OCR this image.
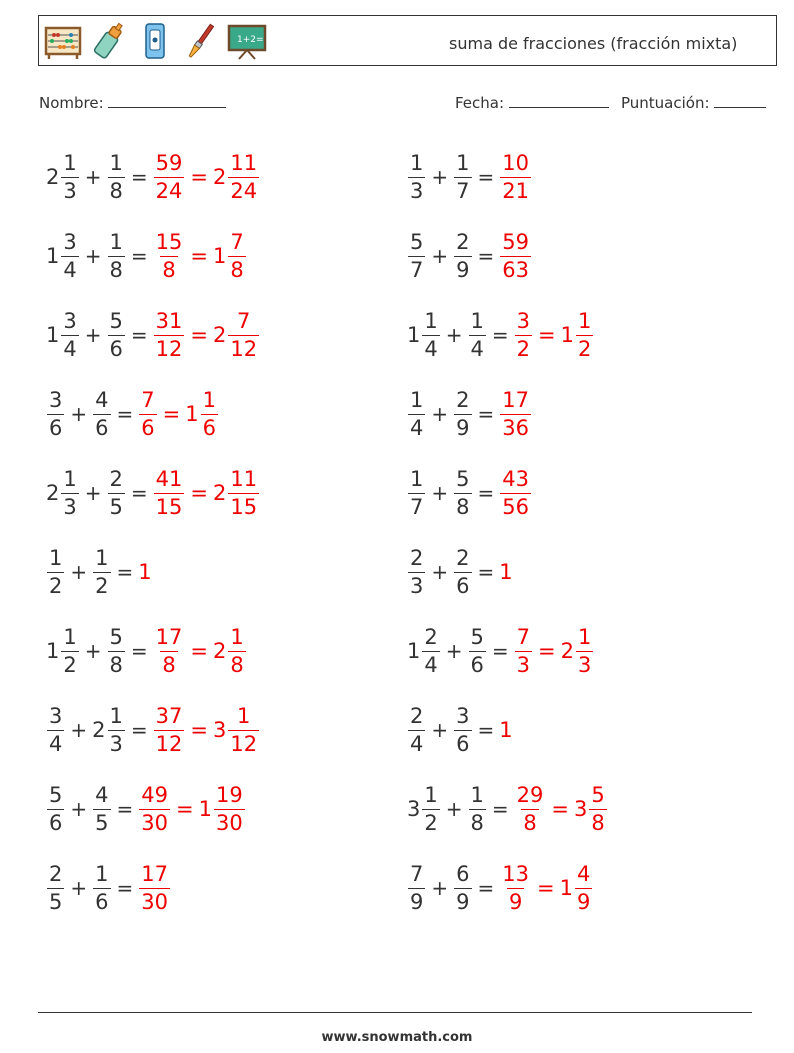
1+2=	suma de fracciones (fracción mixta)
Nombre:	Fecha:	Puntuación:
$2 \frac{1}{3} + \frac{1}{8} = \frac{59}{24} = 2 \frac{11}{24}$
$1 \frac{3}{4} + \frac{1}{8} = \frac{15}{8} = 1 \frac{7}{8}$
$1 \frac{3}{4} + \frac{5}{6} = \frac{31}{12} = 2 \frac{7}{12}$
$\frac{3}{6} + \frac{4}{6} = \frac{7}{6} = 1 \frac{1}{6}$
$2 \frac{1}{3} + \frac{2}{5} = \frac{41}{15} = 2 \frac{11}{15}$
$\frac{1}{2} + \frac{1}{2} = 1$
$1 \frac{1}{2} + \frac{5}{8} = \frac{17}{8} = 2 \frac{1}{8}$
$\frac{3}{4} + 2 \frac{1}{3} = \frac{37}{12} = 3 \frac{1}{12}$
$\frac{5}{6} + \frac{4}{5} = \frac{49}{30} = 1 \frac{19}{30}$
$\frac{2}{5} + \frac{1}{6} = \frac{17}{30}$
$\frac{1}{3} + \frac{1}{7} = \frac{10}{21}$
$\frac{5}{7} + \frac{2}{9} = \frac{59}{63}$
$1 \frac{1}{4} + \frac{1}{4} = \frac{3}{2} = 1 \frac{1}{2}$
$\frac{1}{4} + \frac{2}{9} = \frac{17}{36}$
$\frac{1}{7} + \frac{5}{8} = \frac{43}{56}$
$\frac{2}{3} + \frac{2}{6} = 1$
$1 \frac{2}{4} + \frac{5}{6} = \frac{7}{3} = 2 \frac{1}{3}$
$\frac{2}{4} + \frac{3}{6} = 1$
$3 \frac{1}{2} + \frac{1}{8} = \frac{29}{8} = 3 \frac{5}{8}$
$\frac{7}{9} + \frac{6}{9} = \frac{13}{9} = 1 \frac{4}{9}$
www.snowmath.com
